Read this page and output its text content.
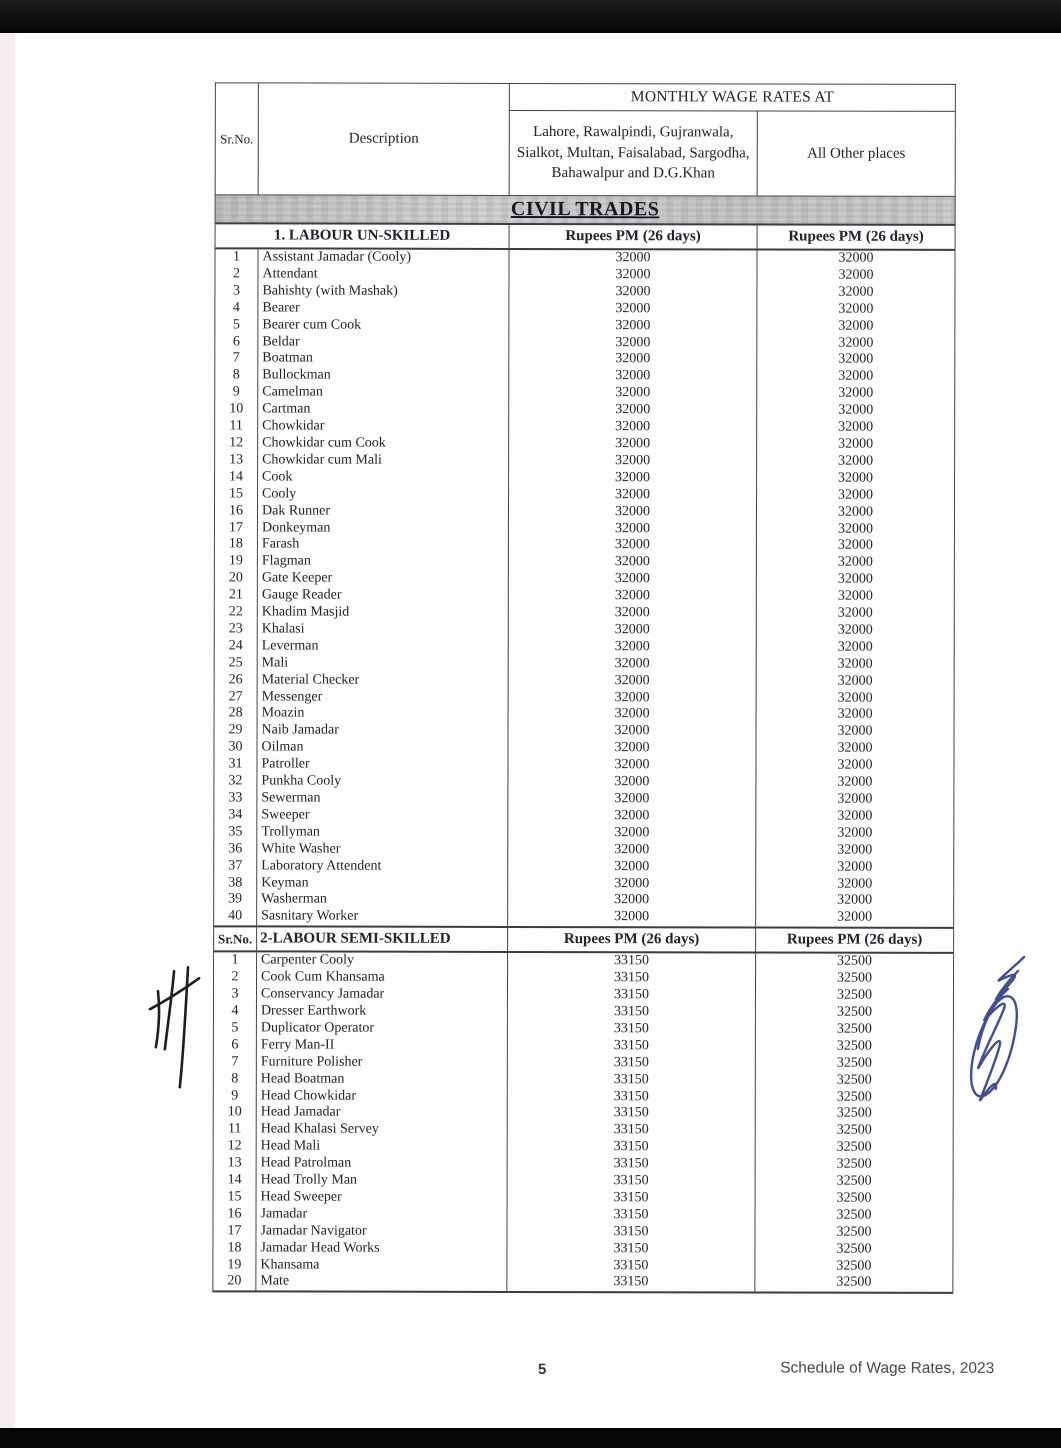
Sr.No.	Description	MONTHLY WAGE RATES AT	
		Lahore, Rawalpindi, Gujranwala, Sialkot, Multan, Faisalabad, Sargodha, Bahawalpur and D.G.Khan	All Other places
CIVIL TRADES			
1. LABOUR UN-SKILLED		Rupees PM (26 days)	Rupees PM (26 days)
1	Assistant Jamadar (Cooly)	32000	32000
2	Attendant	32000	32000
3	Bahishty (with Mashak)	32000	32000
4	Bearer	32000	32000
5	Bearer cum Cook	32000	32000
6	Beldar	32000	32000
7	Boatman	32000	32000
8	Bullockman	32000	32000
9	Camelman	32000	32000
10	Cartman	32000	32000
11	Chowkidar	32000	32000
12	Chowkidar cum Cook	32000	32000
13	Chowkidar cum Mali	32000	32000
14	Cook	32000	32000
15	Cooly	32000	32000
16	Dak Runner	32000	32000
17	Donkeyman	32000	32000
18	Farash	32000	32000
19	Flagman	32000	32000
20	Gate Keeper	32000	32000
21	Gauge Reader	32000	32000
22	Khadim Masjid	32000	32000
23	Khalasi	32000	32000
24	Leverman	32000	32000
25	Mali	32000	32000
26	Material Checker	32000	32000
27	Messenger	32000	32000
28	Moazin	32000	32000
29	Naib Jamadar	32000	32000
30	Oilman	32000	32000
31	Patroller	32000	32000
32	Punkha Cooly	32000	32000
33	Sewerman	32000	32000
34	Sweeper	32000	32000
35	Trollyman	32000	32000
36	White Washer	32000	32000
37	Laboratory Attendent	32000	32000
38	Keyman	32000	32000
39	Washerman	32000	32000
40	Sasnitary Worker	32000	32000
Sr.No.	2-LABOUR SEMI-SKILLED	Rupees PM (26 days)	Rupees PM (26 days)
1	Carpenter Cooly	33150	32500
2	Cook Cum Khansama	33150	32500
3	Conservancy Jamadar	33150	32500
4	Dresser Earthwork	33150	32500
5	Duplicator Operator	33150	32500
6	Ferry Man-II	33150	32500
7	Furniture Polisher	33150	32500
8	Head Boatman	33150	32500
9	Head Chowkidar	33150	32500
10	Head Jamadar	33150	32500
11	Head Khalasi Servey	33150	32500
12	Head Mali	33150	32500
13	Head Patrolman	33150	32500
14	Head Trolly Man	33150	32500
15	Head Sweeper	33150	32500
16	Jamadar	33150	32500
17	Jamadar Navigator	33150	32500
18	Jamadar Head Works	33150	32500
19	Khansama	33150	32500
20	Mate	33150	32500
5	Schedule of Wage Rates, 2023
